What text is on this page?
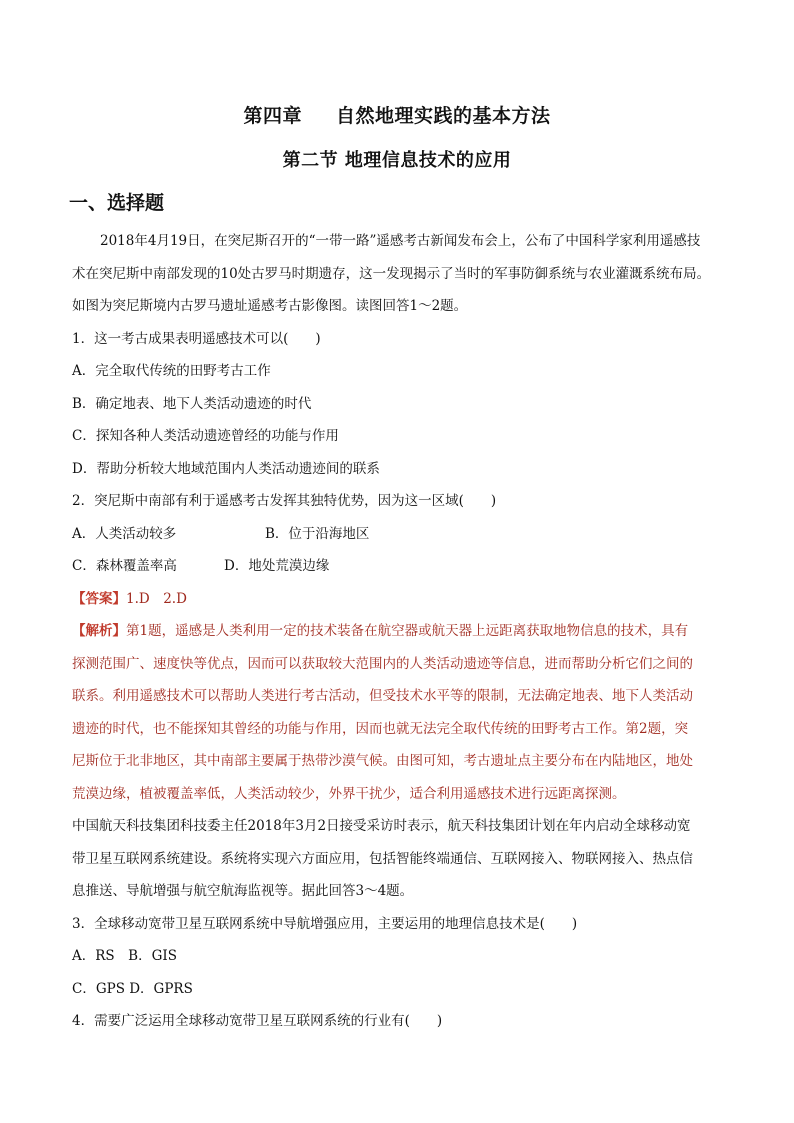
第四章 自然地理实践的基本方法
第二节 地理信息技术的应用
一、选择题

2018年4月19日，在突尼斯召开的“一带一路”遥感考古新闻发布会上，公布了中国科学家利用遥感技

术在突尼斯中南部发现的10处古罗马时期遗存，这一发现揭示了当时的军事防御系统与农业灌溉系统布局。

如图为突尼斯境内古罗马遗址遥感考古影像图。读图回答1～2题。

1．这一考古成果表明遥感技术可以(　　)

A．完全取代传统的田野考古工作

B．确定地表、地下人类活动遗迹的时代

C．探知各种人类活动遗迹曾经的功能与作用

D．帮助分析较大地域范围内人类活动遗迹间的联系

2．突尼斯中南部有利于遥感考古发挥其独特优势，因为这一区域(　　)

A．人类活动较多	B．位于沿海地区
C．森林覆盖率高	D．地处荒漠边缘

【答案】1.D　2.D

【解析】第1题，遥感是人类利用一定的技术装备在航空器或航天器上远距离获取地物信息的技术，具有

探测范围广、速度快等优点，因而可以获取较大范围内的人类活动遗迹等信息，进而帮助分析它们之间的

联系。利用遥感技术可以帮助人类进行考古活动，但受技术水平等的限制，无法确定地表、地下人类活动

遗迹的时代，也不能探知其曾经的功能与作用，因而也就无法完全取代传统的田野考古工作。第2题，突

尼斯位于北非地区，其中南部主要属于热带沙漠气候。由图可知，考古遗址点主要分布在内陆地区，地处

荒漠边缘，植被覆盖率低，人类活动较少，外界干扰少，适合利用遥感技术进行远距离探测。

中国航天科技集团科技委主任2018年3月2日接受采访时表示，航天科技集团计划在年内启动全球移动宽

带卫星互联网系统建设。系统将实现六方面应用，包括智能终端通信、互联网接入、物联网接入、热点信

息推送、导航增强与航空航海监视等。据此回答3～4题。

3．全球移动宽带卫星互联网系统中导航增强应用，主要运用的地理信息技术是(　　)

A．RS　B．GIS

C．GPS D．GPRS

4．需要广泛运用全球移动宽带卫星互联网系统的行业有(　　)
